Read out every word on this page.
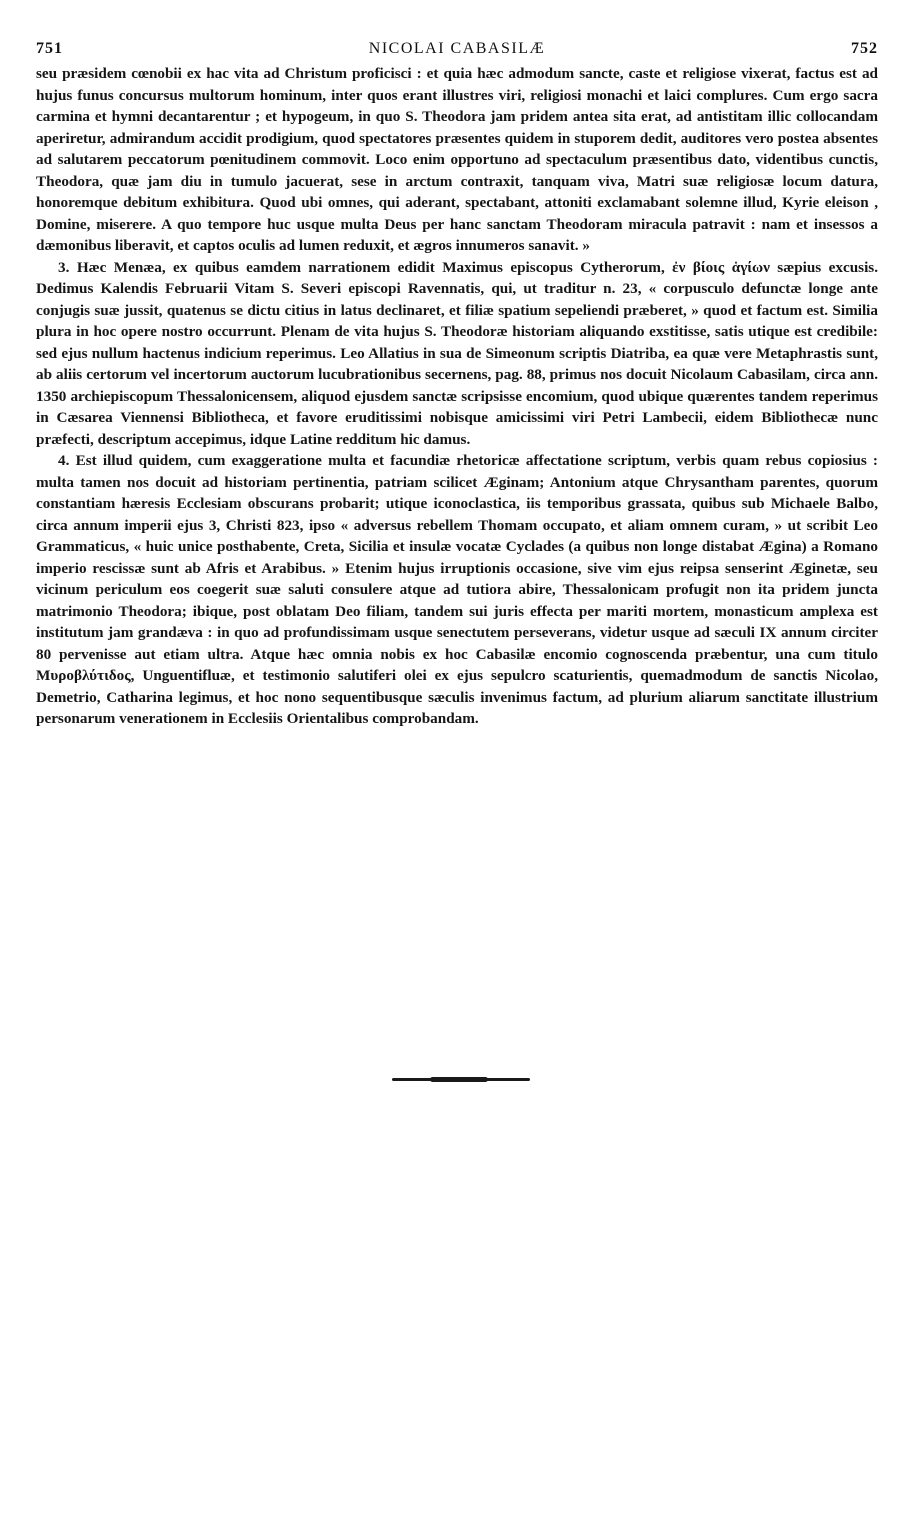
751	NICOLAI CABASILÆ	752

seu præsidem cœnobii ex hac vita ad Christum proficisci : et quia hæc admodum sancte, caste et religiose vixerat, factus est ad hujus funus concursus multorum hominum, inter quos erant illustres viri, religiosi monachi et laici complures. Cum ergo sacra carmina et hymni decantarentur ; et hypogeum, in quo S. Theodora jam pridem antea sita erat, ad antistitam illic collocandam aperiretur, admirandum accidit prodigium, quod spectatores præsentes quidem in stuporem dedit, auditores vero postea absentes ad salutarem peccatorum pœnitudinem commovit. Loco enim opportuno ad spectaculum præsentibus dato, videntibus cunctis, Theodora, quæ jam diu in tumulo jacuerat, sese in arctum contraxit, tanquam viva, Matri suæ religiosæ locum datura, honoremque debitum exhibitura. Quod ubi omnes, qui aderant, spectabant, attoniti exclamabant solemne illud, Kyrie eleison , Domine, miserere. A quo tempore huc usque multa Deus per hanc sanctam Theodoram miracula patravit : nam et insessos a dæmonibus liberavit, et captos oculis ad lumen reduxit, et ægros innumeros sanavit. »

3. Hæc Menæa, ex quibus eamdem narrationem edidit Maximus episcopus Cytherorum, ἐν βίοις ἁγίων sæpius excusis. Dedimus Kalendis Februarii Vitam S. Severi episcopi Ravennatis, qui, ut traditur n. 23, « corpusculo defunctæ longe ante conjugis suæ jussit, quatenus se dictu citius in latus declinaret, et filiæ spatium sepeliendi præberet, » quod et factum est. Similia plura in hoc opere nostro occurrunt. Plenam de vita hujus S. Theodoræ historiam aliquando exstitisse, satis utique est credibile: sed ejus nullum hactenus indicium reperimus. Leo Allatius in sua de Simeonum scriptis Diatriba, ea quæ vere Metaphrastis sunt, ab aliis certorum vel incertorum auctorum lucubrationibus secernens, pag. 88, primus nos docuit Nicolaum Cabasilam, circa ann. 1350 archiepiscopum Thessalonicensem, aliquod ejusdem sanctæ scripsisse encomium, quod ubique quærentes tandem reperimus in Cæsarea Viennensi Bibliotheca, et favore eruditissimi nobisque amicissimi viri Petri Lambecii, eidem Bibliothecæ nunc præfecti, descriptum accepimus, idque Latine redditum hic damus.

4. Est illud quidem, cum exaggeratione multa et facundiæ rhetoricæ affectatione scriptum, verbis quam rebus copiosius : multa tamen nos docuit ad historiam pertinentia, patriam scilicet Æginam; Antonium atque Chrysantham parentes, quorum constantiam hæresis Ecclesiam obscurans probarit; utique iconoclastica, iis temporibus grassata, quibus sub Michaele Balbo, circa annum imperii ejus 3, Christi 823, ipso « adversus rebellem Thomam occupato, et aliam omnem curam, » ut scribit Leo Grammaticus, « huic unice posthabente, Creta, Sicilia et insulæ vocatæ Cyclades (a quibus non longe distabat Ægina) a Romano imperio rescissæ sunt ab Afris et Arabibus. » Etenim hujus irruptionis occasione, sive vim ejus reipsa senserint Æginetæ, seu vicinum periculum eos coegerit suæ saluti consulere atque ad tutiora abire, Thessalonicam profugit non ita pridem juncta matrimonio Theodora; ibique, post oblatam Deo filiam, tandem sui juris effecta per mariti mortem, monasticum amplexa est institutum jam grandæva : in quo ad profundissimam usque senectutem perseverans, videtur usque ad sæculi IX annum circiter 80 pervenisse aut etiam ultra. Atque hæc omnia nobis ex hoc Cabasilæ encomio cognoscenda præbentur, una cum titulo Μυροβλύτιδος, Unguentifluæ, et testimonio salutiferi olei ex ejus sepulcro scaturientis, quemadmodum de sanctis Nicolao, Demetrio, Catharina legimus, et hoc nono sequentibusque sæculis invenimus factum, ad plurium aliarum sanctitate illustrium personarum venerationem in Ecclesiis Orientalibus comprobandam.
